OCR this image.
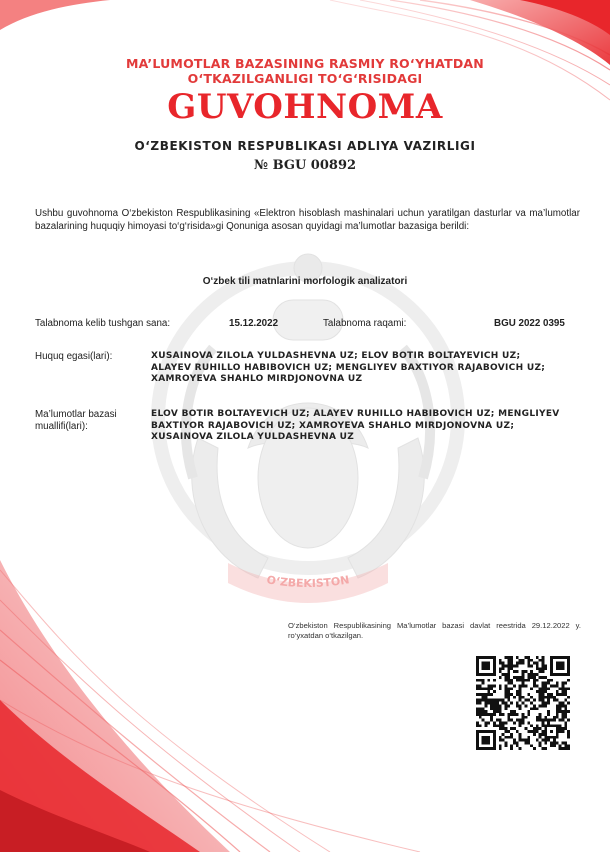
O‘ZBEKISTON
MA’LUMOTLAR BAZASINING RASMIY RO‘YHATDAN
O‘TKAZILGANLIGI TO‘G‘RISIDAGI
GUVOHNOMA
O‘ZBEKISTON RESPUBLIKASI ADLIYA VAZIRLIGI
№ BGU 00892
Ushbu guvohnoma O‘zbekiston Respublikasining «Elektron hisoblash mashinalari uchun yaratilgan dasturlar va ma’lumotlar bazalarining huquqiy himoyasi to‘g‘risida»gi Qonuniga asosan quyidagi ma’lumotlar bazasiga berildi:
O‘zbek tili matnlarini morfologik analizatori
Talabnoma kelib tushgan sana:	15.12.2022	Talabnoma raqami:	BGU 2022 0395
Huquq egasi(lari):	XUSAINOVA ZILOLA YULDASHEVNA UZ; ELOV BOTIR BOLTAYEVICH UZ;
ALAYEV RUHILLO HABIBOVICH UZ; MENGLIYEV BAXTIYOR RAJABOVICH UZ;
XAMROYEVA SHAHLO MIRDJONOVNA UZ
Ma’lumotlar bazasi
muallifi(lari):
ELOV BOTIR BOLTAYEVICH UZ; ALAYEV RUHILLO HABIBOVICH UZ; MENGLIYEV
BAXTIYOR RAJABOVICH UZ; XAMROYEVA SHAHLO MIRDJONOVNA UZ;
XUSAINOVA ZILOLA YULDASHEVNA UZ
O‘zbekiston Respublikasining Ma’lumotlar bazasi davlat reestrida 29.12.2022 y. ro‘yxatdan o‘tkazilgan.
